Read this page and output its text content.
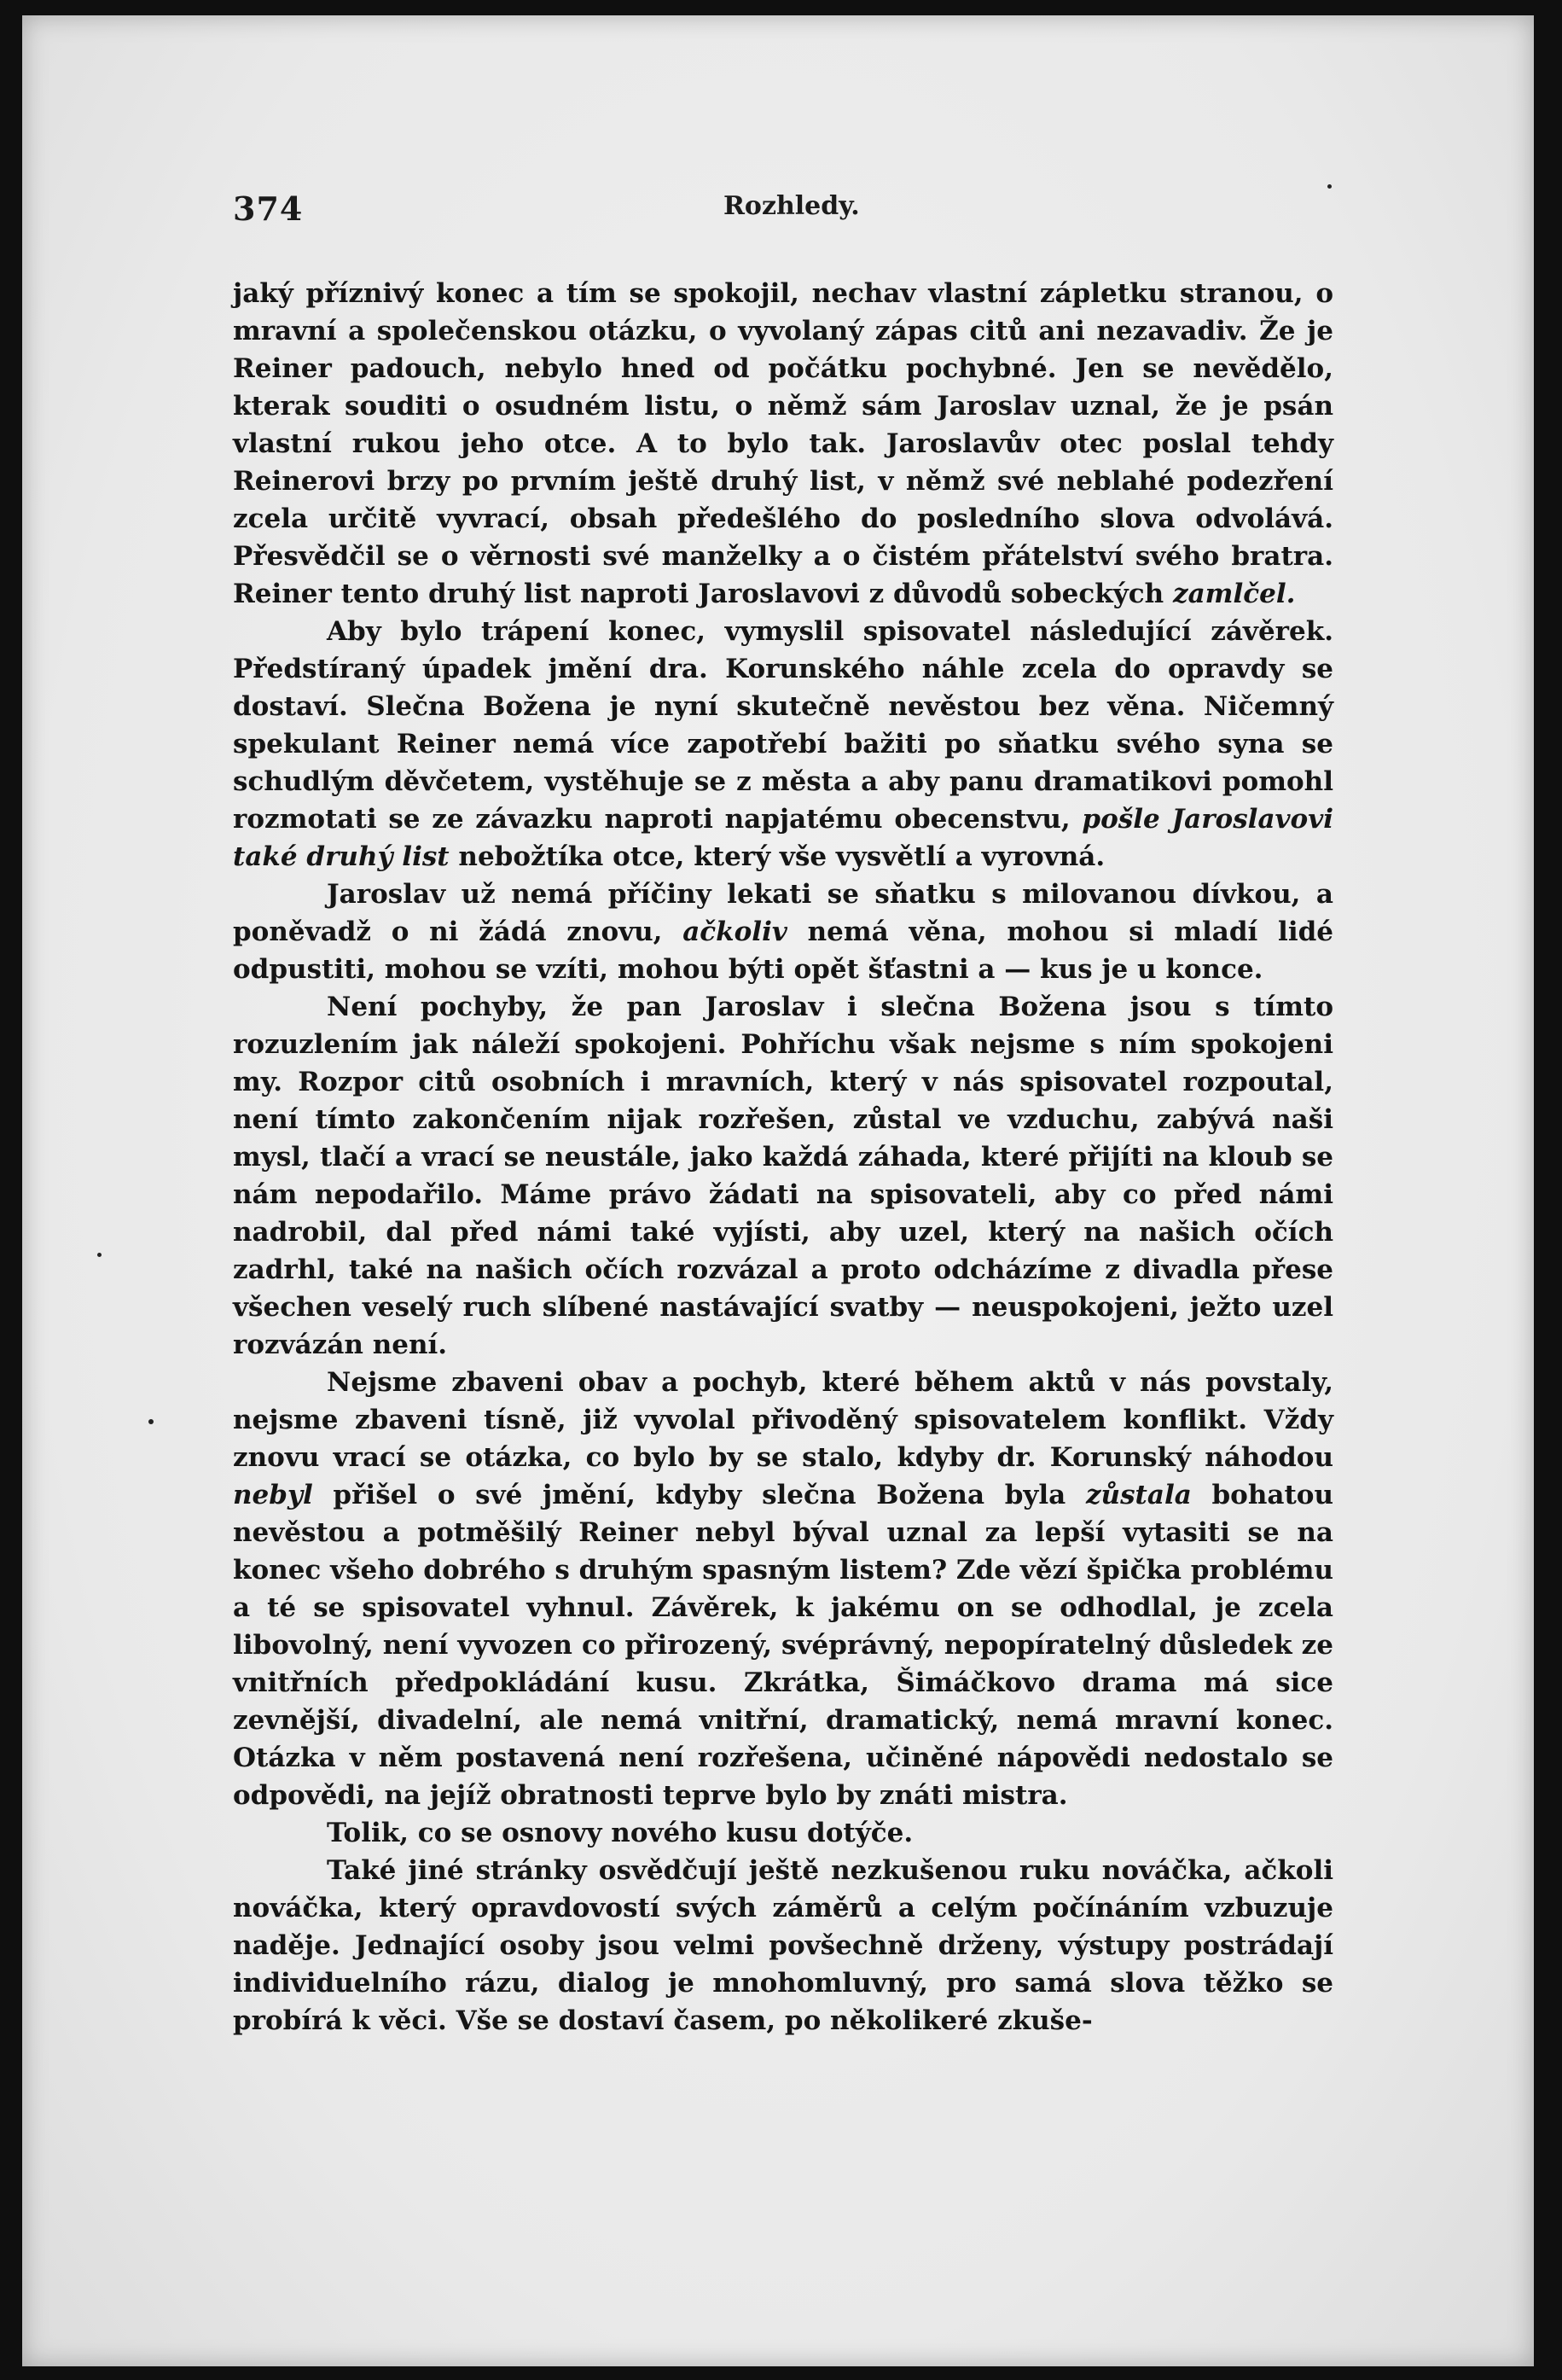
374	Rozhledy.

jaký příznivý konec a tím se spokojil, nechav vlastní zápletku stranou, o mravní a společenskou otázku, o vyvolaný zápas citů ani nezavadiv. Že je Reiner padouch, nebylo hned od počátku pochybné. Jen se nevědělo, kterak souditi o osudném listu, o němž sám Jaroslav uznal, že je psán vlastní rukou jeho otce. A to bylo tak. Jaroslavův otec poslal tehdy Reinerovi brzy po prvním ještě druhý list, v němž své neblahé podezření zcela určitě vyvrací, obsah předešlého do posledního slova odvolává. Přesvědčil se o věrnosti své manželky a o čistém přátelství svého bratra. Reiner tento druhý list naproti Jaroslavovi z důvodů sobeckých zamlčel.

Aby bylo trápení konec, vymyslil spisovatel následující závěrek. Předstíraný úpadek jmění dra. Korunského náhle zcela do opravdy se dostaví. Slečna Božena je nyní skutečně nevěstou bez věna. Ničemný spekulant Reiner nemá více zapotřebí bažiti po sňatku svého syna se schudlým děvčetem, vystěhuje se z města a aby panu dramatikovi pomohl rozmotati se ze závazku naproti napjatému obecenstvu, pošle Jaroslavovi také druhý list nebožtíka otce, který vše vysvětlí a vyrovná.

Jaroslav už nemá příčiny lekati se sňatku s milovanou dívkou, a poněvadž o ni žádá znovu, ačkoliv nemá věna, mohou si mladí lidé odpustiti, mohou se vzíti, mohou býti opět šťastni a — kus je u konce.

Není pochyby, že pan Jaroslav i slečna Božena jsou s tímto rozuzlením jak náleží spokojeni. Pohříchu však nejsme s ním spokojeni my. Rozpor citů osobních i mravních, který v nás spisovatel rozpoutal, není tímto zakončením nijak rozřešen, zůstal ve vzduchu, zabývá naši mysl, tlačí a vrací se neustále, jako každá záhada, které přijíti na kloub se nám nepodařilo. Máme právo žádati na spisovateli, aby co před námi nadrobil, dal před námi také vyjísti, aby uzel, který na našich očích zadrhl, také na našich očích rozvázal a proto odcházíme z divadla přese všechen veselý ruch slíbené nastávající svatby — neuspokojeni, ježto uzel rozvázán není.

Nejsme zbaveni obav a pochyb, které během aktů v nás povstaly, nejsme zbaveni tísně, již vyvolal přivoděný spisovatelem konflikt. Vždy znovu vrací se otázka, co bylo by se stalo, kdyby dr. Korunský náhodou nebyl přišel o své jmění, kdyby slečna Božena byla zůstala bohatou nevěstou a potměšilý Reiner nebyl býval uznal za lepší vytasiti se na konec všeho dobrého s druhým spasným listem? Zde vězí špička problému a té se spisovatel vyhnul. Závěrek, k jakému on se odhodlal, je zcela libovolný, není vyvozen co přirozený, svéprávný, nepopíratelný důsledek ze vnitřních předpokládání kusu. Zkrátka, Šimáčkovo drama má sice zevnější, divadelní, ale nemá vnitřní, dramatický, nemá mravní konec. Otázka v něm postavená není rozřešena, učiněné nápovědi nedostalo se odpovědi, na jejíž obratnosti teprve bylo by znáti mistra.

Tolik, co se osnovy nového kusu dotýče.

Také jiné stránky osvědčují ještě nezkušenou ruku nováčka, ačkoli nováčka, který opravdovostí svých záměrů a celým počínáním vzbuzuje naděje. Jednající osoby jsou velmi povšechně drženy, výstupy postrádají individuelního rázu, dialog je mnohomluvný, pro samá slova těžko se probírá k věci. Vše se dostaví časem, po několikeré zkuše-
